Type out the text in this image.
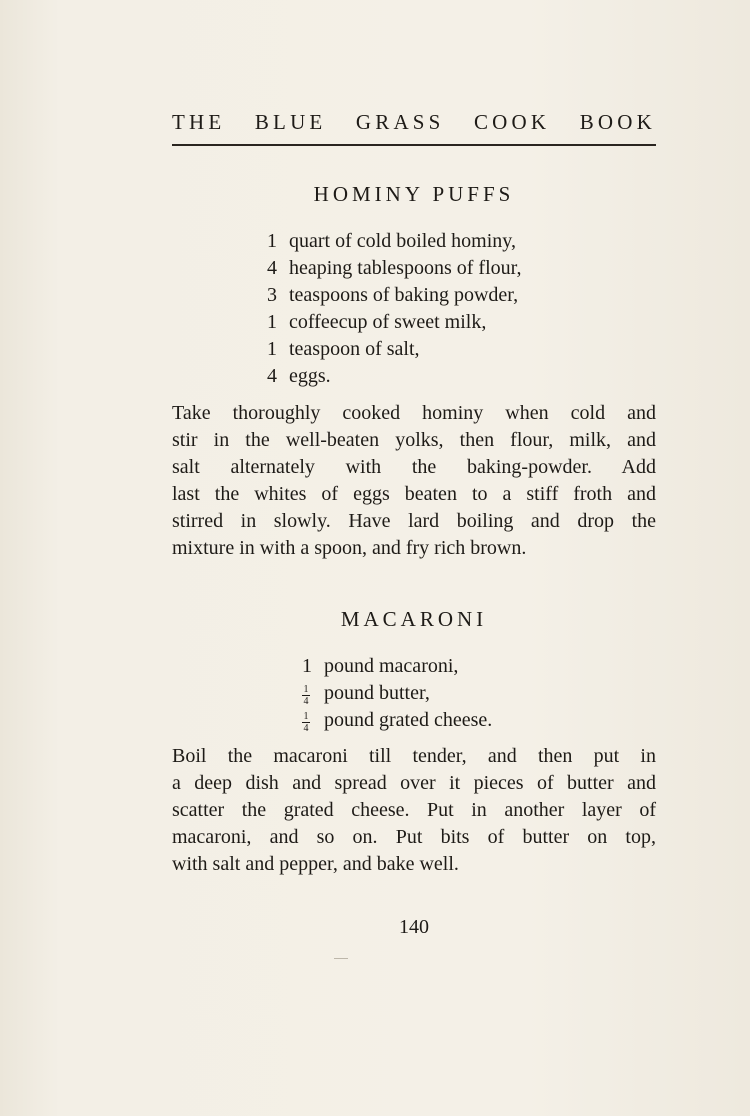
THE BLUE GRASS COOK BOOK
HOMINY PUFFS
1 quart of cold boiled hominy,
4 heaping tablespoons of flour,
3 teaspoons of baking powder,
1 coffeecup of sweet milk,
1 teaspoon of salt,
4 eggs.
Take thoroughly cooked hominy when cold and
stir in the well-beaten yolks, then flour, milk, and
salt alternately with the baking-powder. Add
last the whites of eggs beaten to a stiff froth and
stirred in slowly. Have lard boiling and drop the
mixture in with a spoon, and fry rich brown.
MACARONI
1 pound macaroni,
$\frac{1}{4}$ pound butter,
$\frac{1}{4}$ pound grated cheese.
Boil the macaroni till tender, and then put in
a deep dish and spread over it pieces of butter and
scatter the grated cheese. Put in another layer of
macaroni, and so on. Put bits of butter on top,
with salt and pepper, and bake well.
140
